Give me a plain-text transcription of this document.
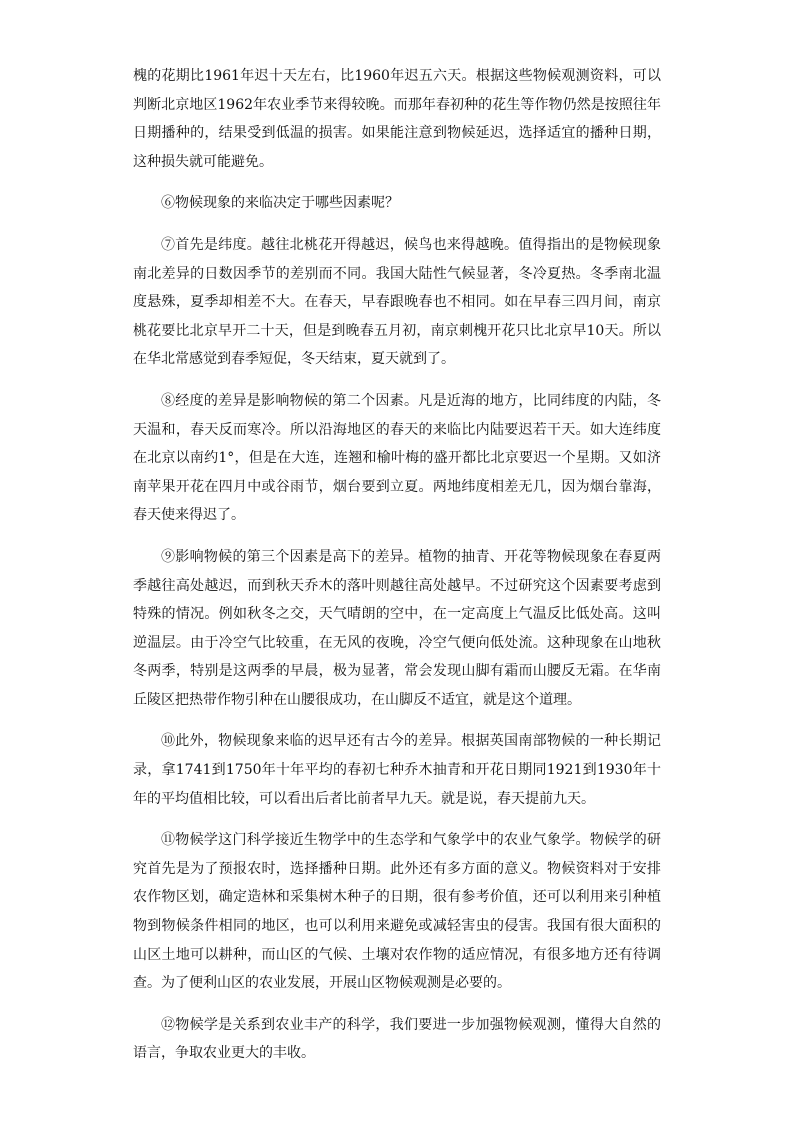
槐的花期比1961年迟十天左右，比1960年迟五六天。根据这些物候观测资料，可以判断北京地区1962年农业季节来得较晚。而那年春初种的花生等作物仍然是按照往年日期播种的，结果受到低温的损害。如果能注意到物候延迟，选择适宜的播种日期，这种损失就可能避免。

⑥物候现象的来临决定于哪些因素呢？

⑦首先是纬度。越往北桃花开得越迟，候鸟也来得越晚。值得指出的是物候现象南北差异的日数因季节的差别而不同。我国大陆性气候显著，冬冷夏热。冬季南北温度悬殊，夏季却相差不大。在春天，早春跟晚春也不相同。如在早春三四月间，南京桃花要比北京早开二十天，但是到晚春五月初，南京刺槐开花只比北京早10天。所以在华北常感觉到春季短促，冬天结束，夏天就到了。

⑧经度的差异是影响物候的第二个因素。凡是近海的地方，比同纬度的内陆，冬天温和，春天反而寒冷。所以沿海地区的春天的来临比内陆要迟若干天。如大连纬度在北京以南约1°，但是在大连，连翘和榆叶梅的盛开都比北京要迟一个星期。又如济南苹果开花在四月中或谷雨节，烟台要到立夏。两地纬度相差无几，因为烟台靠海，春天使来得迟了。

⑨影响物候的第三个因素是高下的差异。植物的抽青、开花等物候现象在春夏两季越往高处越迟，而到秋天乔木的落叶则越往高处越早。不过研究这个因素要考虑到特殊的情况。例如秋冬之交，天气晴朗的空中，在一定高度上气温反比低处高。这叫逆温层。由于冷空气比较重，在无风的夜晚，冷空气便向低处流。这种现象在山地秋冬两季，特别是这两季的早晨，极为显著，常会发现山脚有霜而山腰反无霜。在华南丘陵区把热带作物引种在山腰很成功，在山脚反不适宜，就是这个道理。

⑩此外，物候现象来临的迟早还有古今的差异。根据英国南部物候的一种长期记录，拿1741到1750年十年平均的春初七种乔木抽青和开花日期同1921到1930年十年的平均值相比较，可以看出后者比前者早九天。就是说，春天提前九天。

⑪物候学这门科学接近生物学中的生态学和气象学中的农业气象学。物候学的研究首先是为了预报农时，选择播种日期。此外还有多方面的意义。物候资料对于安排农作物区划，确定造林和采集树木种子的日期，很有参考价值，还可以利用来引种植物到物候条件相同的地区，也可以利用来避免或减轻害虫的侵害。我国有很大面积的山区土地可以耕种，而山区的气候、土壤对农作物的适应情况，有很多地方还有待调查。为了便利山区的农业发展，开展山区物候观测是必要的。

⑫物候学是关系到农业丰产的科学，我们要进一步加强物候观测，懂得大自然的语言，争取农业更大的丰收。
